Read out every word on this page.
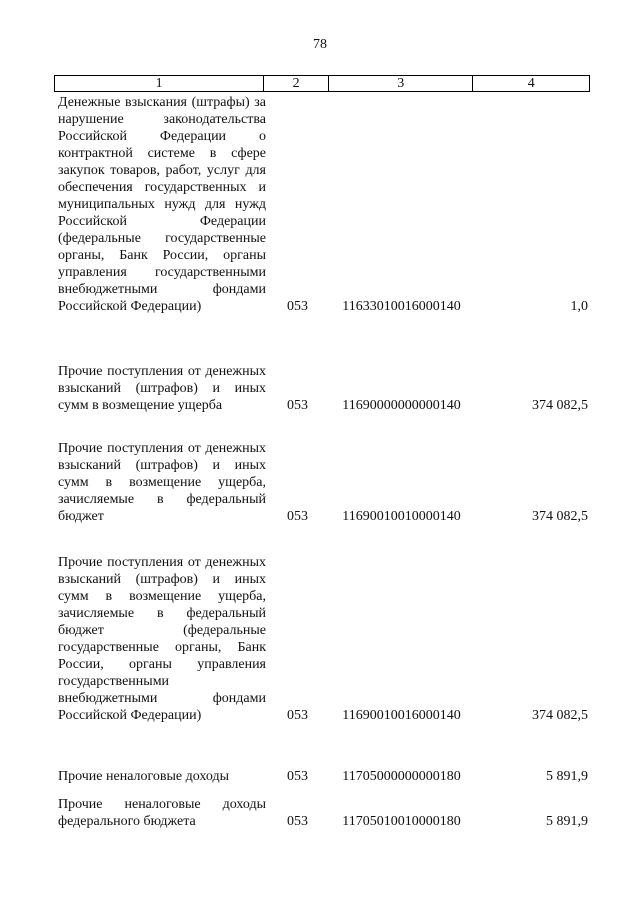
78
1	2	3	4
Денежные взыскания (штрафы) за нарушение законодательства Российской Федерации о контрактной системе в сфере закупок товаров, работ, услуг для обеспечения государственных и муниципальных нужд для нужд Российской Федерации (федеральные государственные органы, Банк России, органы управления государственными внебюджетными фондами Российской Федерации)	053	11633010016000140	1,0
Прочие поступления от денежных взысканий (штрафов) и иных сумм в возмещение ущерба	053	11690000000000140	374 082,5
Прочие поступления от денежных взысканий (штрафов) и иных сумм в возмещение ущерба, зачисляемые в федеральный бюджет	053	11690010010000140	374 082,5
Прочие поступления от денежных взысканий (штрафов) и иных сумм в возмещение ущерба, зачисляемые в федеральный бюджет (федеральные государственные органы, Банк России, органы управления государственными внебюджетными фондами Российской Федерации)	053	11690010016000140	374 082,5
Прочие неналоговые доходы	053	11705000000000180	5 891,9
Прочие неналоговые доходы федерального бюджета	053	11705010010000180	5 891,9
